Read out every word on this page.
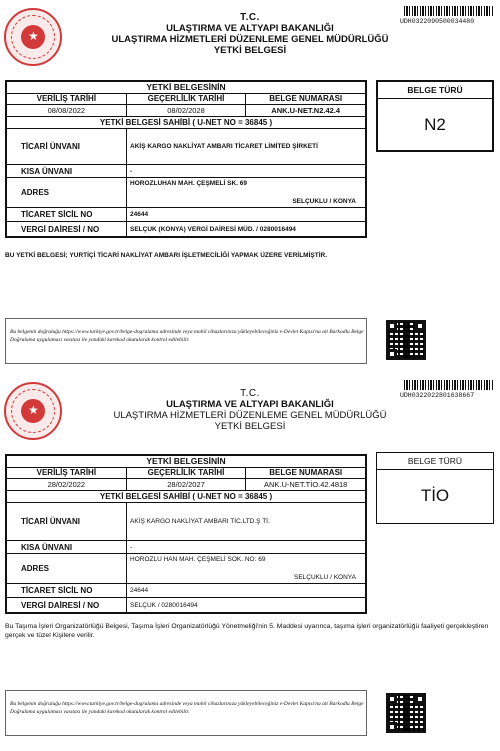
★
T.C.
ULAŞTIRMA VE ALTYAPI BAKANLIĞI
ULAŞTIRMA HİZMETLERİ DÜZENLEME GENEL MÜDÜRLÜĞÜ
YETKİ BELGESİ
UDH0322090500034480
YETKİ BELGESİNİN
VERİLİŞ TARİHİ	GEÇERLİLİK TARİHİ	BELGE NUMARASI
08/08/2022	08/02/2028	ANK.U-NET.N2.42.4
YETKİ BELGESİ SAHİBİ ( U-NET NO = 36845 )
TİCARİ ÜNVANI	AKİŞ KARGO NAKLİYAT AMBARI TİCARET LİMİTED ŞİRKETİ
KISA ÜNVANI	-
ADRES
HOROZLUHAN MAH. ÇEŞMELİ SK. 69
SELÇUKLU / KONYA
TİCARET SİCİL NO	24644
VERGİ DAİRESİ / NO	SELÇUK (KONYA) VERGİ DAİRESİ MÜD. / 0280016494
BELGE TÜRÜ
N2
BU YETKİ BELGESİ; YURTİÇİ TİCARİ NAKLİYAT AMBARI İŞLETMECİLİĞİ YAPMAK ÜZERE VERİLMİŞTİR.
Bu belgenin doğruluğu https://www.turkiye.gov.tr/belge-dogrulama adresinde veya mobil cihazlarınıza yükleyebileceğiniz e-Devlet Kapısı'na ait Barkodlu Belge Doğrulama uygulaması vasıtası ile yandaki karekod okutularak kontrol edilebilir.
★
T.C.
ULAŞTIRMA VE ALTYAPI BAKANLIĞI
ULAŞTIRMA HİZMETLERİ DÜZENLEME GENEL MÜDÜRLÜĞÜ
YETKİ BELGESİ
UDH0322022801638667
YETKİ BELGESİNİN
VERİLİŞ TARİHİ	GEÇERLİLİK TARİHİ	BELGE NUMARASI
28/02/2022	28/02/2027	ANK.U-NET.TİO.42.4818
YETKİ BELGESİ SAHİBİ ( U-NET NO = 36845 )
TİCARİ ÜNVANI	AKİŞ KARGO NAKLİYAT AMBARI TİC.LTD.Ş Tİ.
KISA ÜNVANI	-
ADRES
HOROZLU HAN MAH. ÇEŞMELİ SOK. NO: 69
SELÇUKLU / KONYA
TİCARET SİCİL NO	24644
VERGİ DAİRESİ / NO	SELÇUK / 0280016494
BELGE TÜRÜ
TİO
Bu Taşıma İşleri Organizatörlüğü Belgesi, Taşıma İşleri Organizatörlüğü Yönetmeliği'nin 5. Maddesi uyarınca, taşıma işleri organizatörlüğü faaliyeti gerçekleştiren gerçek ve tüzel Kişilere verilir.
Bu belgenin doğruluğu https://www.turkiye.gov.tr/belge-dogrulama adresinde veya mobil cihazlarınıza yükleyebileceğiniz e-Devlet Kapısı'na ait Barkodlu Belge Doğrulama uygulaması vasıtası ile yandaki karekod okutularak kontrol edilebilir.
